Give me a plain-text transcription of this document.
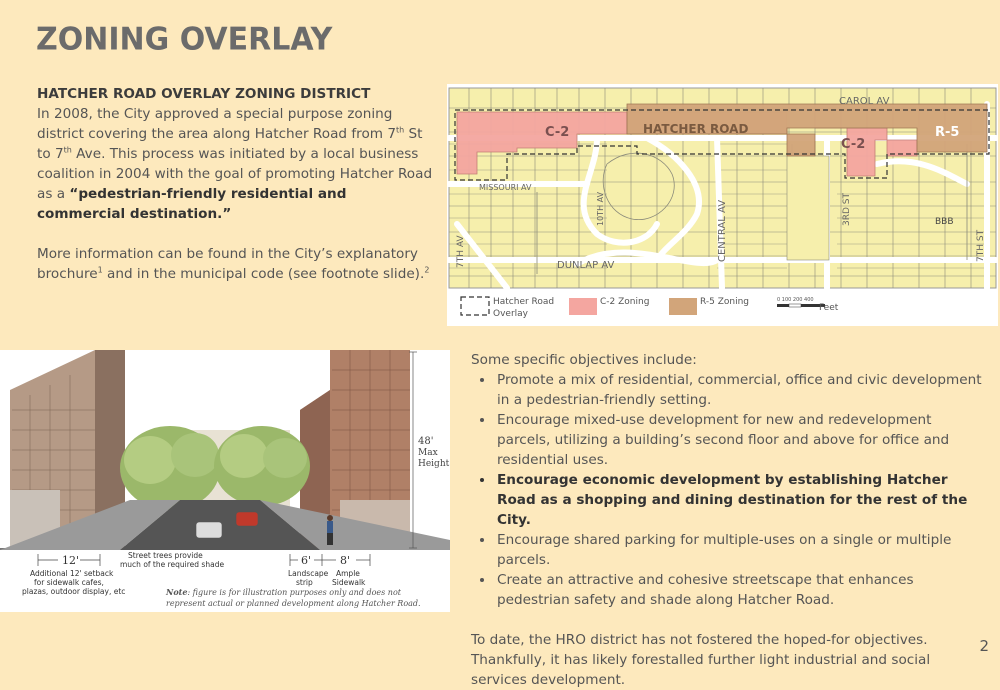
ZONING OVERLAY
HATCHER ROAD OVERLAY ZONING DISTRICT

In 2008, the City approved a special purpose zoning district covering the area along Hatcher Road from 7th St to 7th Ave. This process was initiated by a local business coalition in 2004 with the goal of promoting Hatcher Road as a “pedestrian-friendly residential and commercial destination.”

More information can be found in the City’s explanatory brochure$^1$ and in the municipal code (see footnote slide).$^2$

CAROL AV
HATCHER ROAD
C-2
C-2
R-5
MISSOURI AV
DUNLAP AV
BBB
CENTRAL AV
7TH AV
3RD ST
7TH ST
10TH AV
Hatcher Road
Overlay
C-2 Zoning	R-5 Zoning	0 100 200 400
Feet
48'
Max
Height
12'	6'	8'
Additional 12' setback
for sidewalk cafes,
plazas, outdoor display, etc
Street trees provide
much of the required shade
Landscape
strip
Ample
Sidewalk
Note: figure is for illustration purposes only and does not
represent actual or planned development along Hatcher Road.

Some specific objectives include:

• Promote a mix of residential, commercial, office and civic development in a pedestrian-friendly setting.
• Encourage mixed-use development for new and redevelopment parcels, utilizing a building’s second floor and above for office and residential uses.
• Encourage economic development by establishing Hatcher Road as a shopping and dining destination for the rest of the City.
• Encourage shared parking for multiple-uses on a single or multiple parcels.
• Create an attractive and cohesive streetscape that enhances pedestrian safety and shade along Hatcher Road.

To date, the HRO district has not fostered the hoped-for objectives. Thankfully, it has likely forestalled further light industrial and social services development.

2
